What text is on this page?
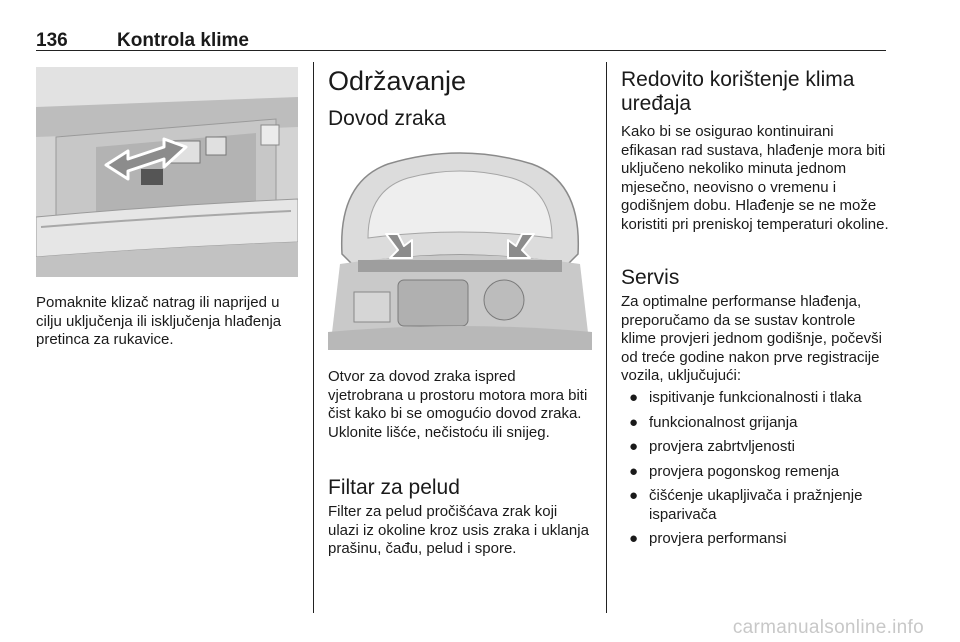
136	Kontrola klime
Pomaknite klizač natrag ili naprijed u cilju uključenja ili isključenja hlađenja pretinca za rukavice.
Održavanje
Dovod zraka
Otvor za dovod zraka ispred vjetrobrana u prostoru motora mora biti čist kako bi se omogućio dovod zraka. Uklonite lišće, nečistoću ili snijeg.
Filtar za pelud
Filter za pelud pročišćava zrak koji ulazi iz okoline kroz usis zraka i uklanja prašinu, čađu, pelud i spore.
Redovito korištenje klima uređaja
Kako bi se osigurao kontinuirani efikasan rad sustava, hlađenje mora biti uključeno nekoliko minuta jednom mjesečno, neovisno o vremenu i godišnjem dobu. Hlađenje se ne može koristiti pri preniskoj temperaturi okoline.
Servis
Za optimalne performanse hlađenja, preporučamo da se sustav kontrole klime provjeri jednom godišnje, počevši od treće godine nakon prve registracije vozila, uključujući:
● ispitivanje funkcionalnosti i tlaka
● funkcionalnost grijanja
● provjera zabrtvljenosti
● provjera pogonskog remenja
● čišćenje ukapljivača i pražnjenje isparivača
● provjera performansi
carmanualsonline.info
